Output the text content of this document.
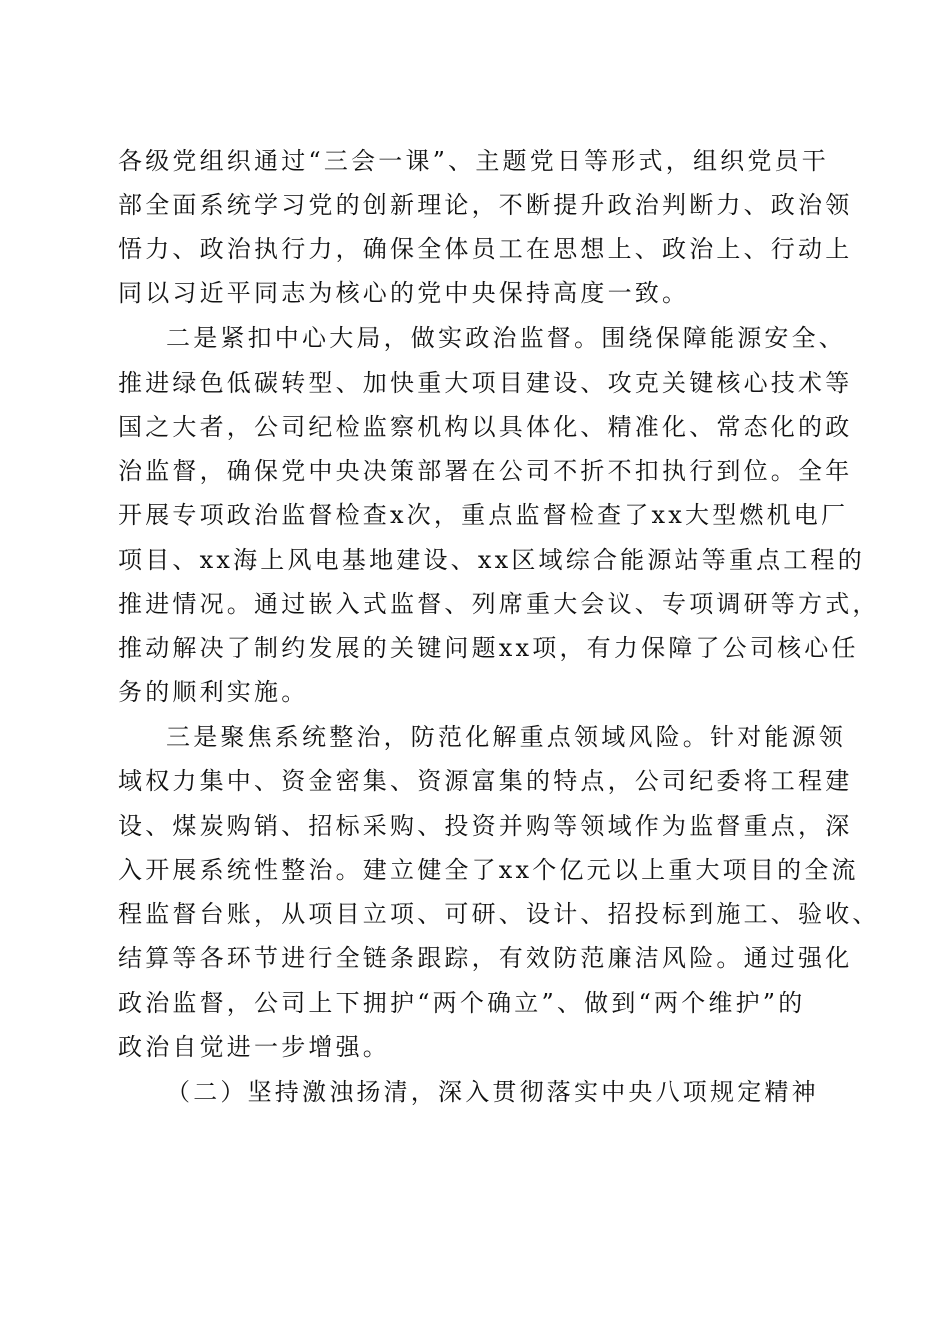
各级党组织通过“三会一课”、主题党日等形式，组织党员干
部全面系统学习党的创新理论，不断提升政治判断力、政治领
悟力、政治执行力，确保全体员工在思想上、政治上、行动上
同以习近平同志为核心的党中央保持高度一致。
二是紧扣中心大局，做实政治监督。围绕保障能源安全、
推进绿色低碳转型、加快重大项目建设、攻克关键核心技术等
国之大者，公司纪检监察机构以具体化、精准化、常态化的政
治监督，确保党中央决策部署在公司不折不扣执行到位。全年
开展专项政治监督检查x次，重点监督检查了xx大型燃机电厂
项目、xx海上风电基地建设、xx区域综合能源站等重点工程的
推进情况。通过嵌入式监督、列席重大会议、专项调研等方式，
推动解决了制约发展的关键问题xx项，有力保障了公司核心任
务的顺利实施。
三是聚焦系统整治，防范化解重点领域风险。针对能源领
域权力集中、资金密集、资源富集的特点，公司纪委将工程建
设、煤炭购销、招标采购、投资并购等领域作为监督重点，深
入开展系统性整治。建立健全了xx个亿元以上重大项目的全流
程监督台账，从项目立项、可研、设计、招投标到施工、验收、
结算等各环节进行全链条跟踪，有效防范廉洁风险。通过强化
政治监督，公司上下拥护“两个确立”、做到“两个维护”的
政治自觉进一步增强。
（二）坚持激浊扬清，深入贯彻落实中央八项规定精神
